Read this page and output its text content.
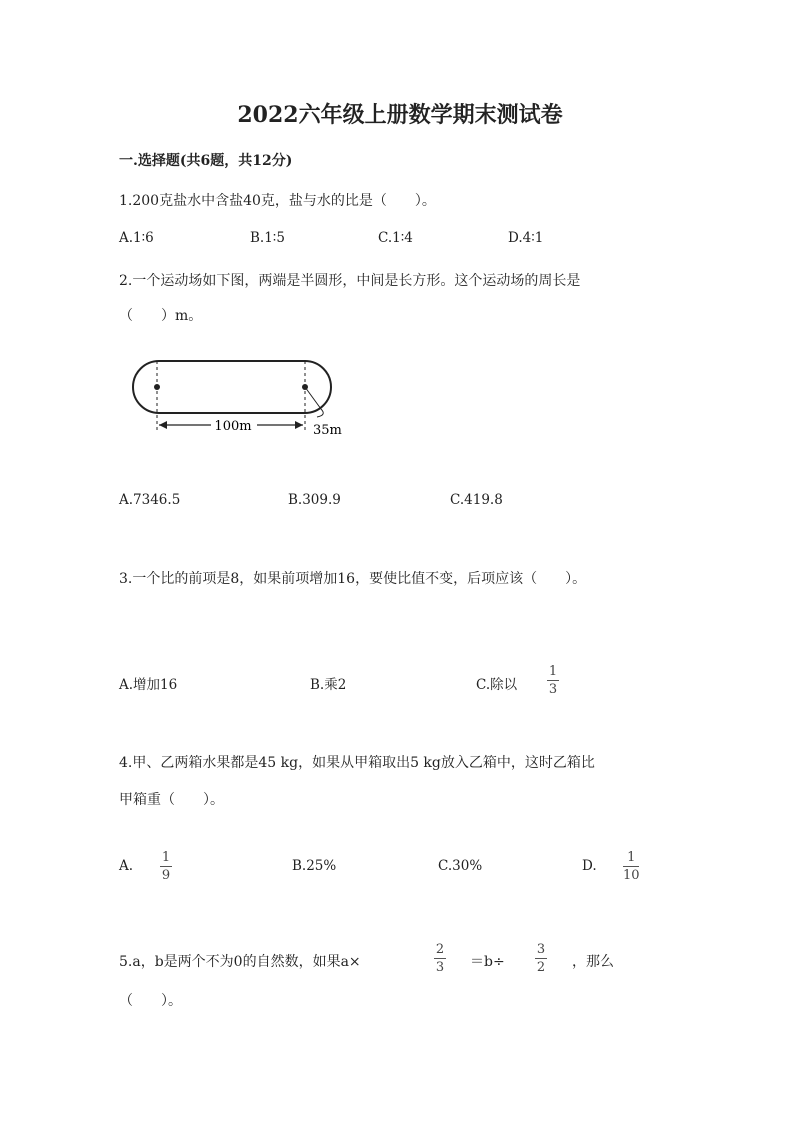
2022六年级上册数学期末测试卷
一.选择题(共6题，共12分)
1.200克盐水中含盐40克，盐与水的比是（　　）。
A.1∶6	B.1∶5	C.1∶4	D.4∶1
2.一个运动场如下图，两端是半圆形，中间是长方形。这个运动场的周长是
（　　）m。
100m	35m
A.7346.5	B.309.9	C.419.8
3.一个比的前项是8，如果前项增加16，要使比值不变，后项应该（　　）。
A.增加16	B.乘2	C.除以
1
3
4.甲、乙两箱水果都是45 kg，如果从甲箱取出5 kg放入乙箱中，这时乙箱比
甲箱重（　　）。
A.
1
9
B.25%	C.30%	D.
1
10
5.a，b是两个不为0的自然数，如果a×
2
3 ＝b÷
3
2 ，那么
（　　）。
